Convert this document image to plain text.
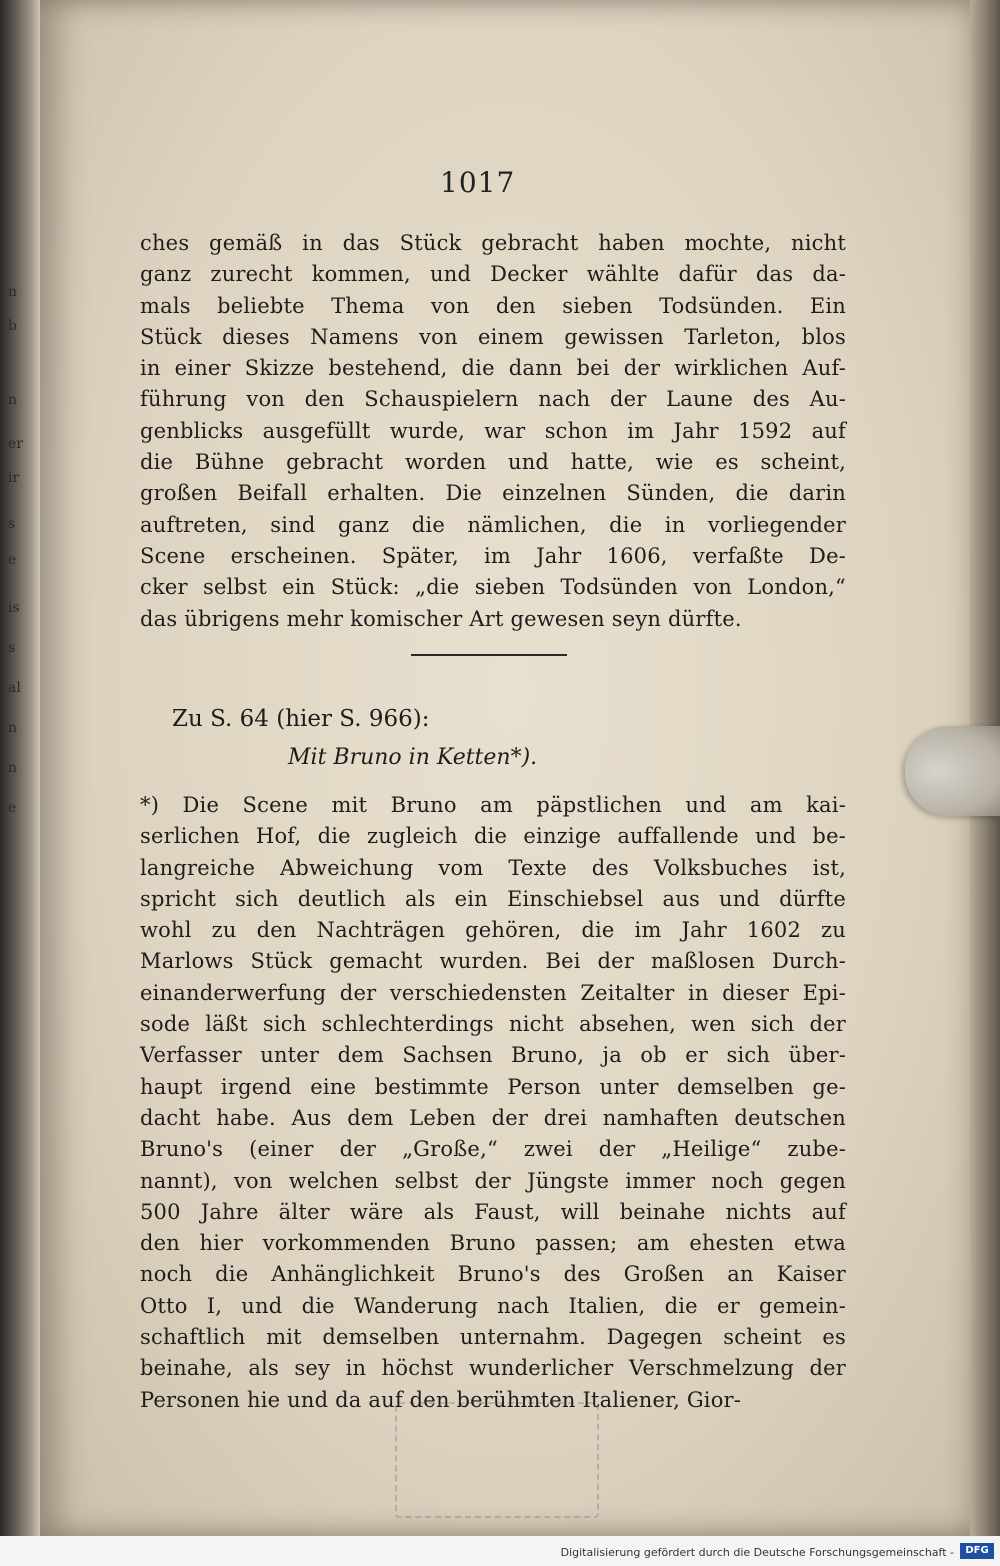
n
b
n
er
ir
s
e
is
s
al
n
n
e
1017
ches gemäß in das Stück gebracht haben mochte, nicht
ganz zurecht kommen, und Decker wählte dafür das da-
mals beliebte Thema von den sieben Todsünden. Ein
Stück dieses Namens von einem gewissen Tarleton, blos
in einer Skizze bestehend, die dann bei der wirklichen Auf-
führung von den Schauspielern nach der Laune des Au-
genblicks ausgefüllt wurde, war schon im Jahr 1592 auf
die Bühne gebracht worden und hatte, wie es scheint,
großen Beifall erhalten. Die einzelnen Sünden, die darin
auftreten, sind ganz die nämlichen, die in vorliegender
Scene erscheinen. Später, im Jahr 1606, verfaßte De-
cker selbst ein Stück: „die sieben Todsünden von London,“
das übrigens mehr komischer Art gewesen seyn dürfte.
Zu S. 64 (hier S. 966):
Mit Bruno in Ketten*).
*) Die Scene mit Bruno am päpstlichen und am kai-
serlichen Hof, die zugleich die einzige auffallende und be-
langreiche Abweichung vom Texte des Volksbuches ist,
spricht sich deutlich als ein Einschiebsel aus und dürfte
wohl zu den Nachträgen gehören, die im Jahr 1602 zu
Marlows Stück gemacht wurden. Bei der maßlosen Durch-
einanderwerfung der verschiedensten Zeitalter in dieser Epi-
sode läßt sich schlechterdings nicht absehen, wen sich der
Verfasser unter dem Sachsen Bruno, ja ob er sich über-
haupt irgend eine bestimmte Person unter demselben ge-
dacht habe. Aus dem Leben der drei namhaften deutschen
Bruno's (einer der „Große,“ zwei der „Heilige“ zube-
nannt), von welchen selbst der Jüngste immer noch gegen
500 Jahre älter wäre als Faust, will beinahe nichts auf
den hier vorkommenden Bruno passen; am ehesten etwa
noch die Anhänglichkeit Bruno's des Großen an Kaiser
Otto I, und die Wanderung nach Italien, die er gemein-
schaftlich mit demselben unternahm. Dagegen scheint es
beinahe, als sey in höchst wunderlicher Verschmelzung der
Personen hie und da auf den berühmten Italiener, Gior-
Digitalisierung gefördert durch die Deutsche Forschungsgemeinschaft -	DFG
